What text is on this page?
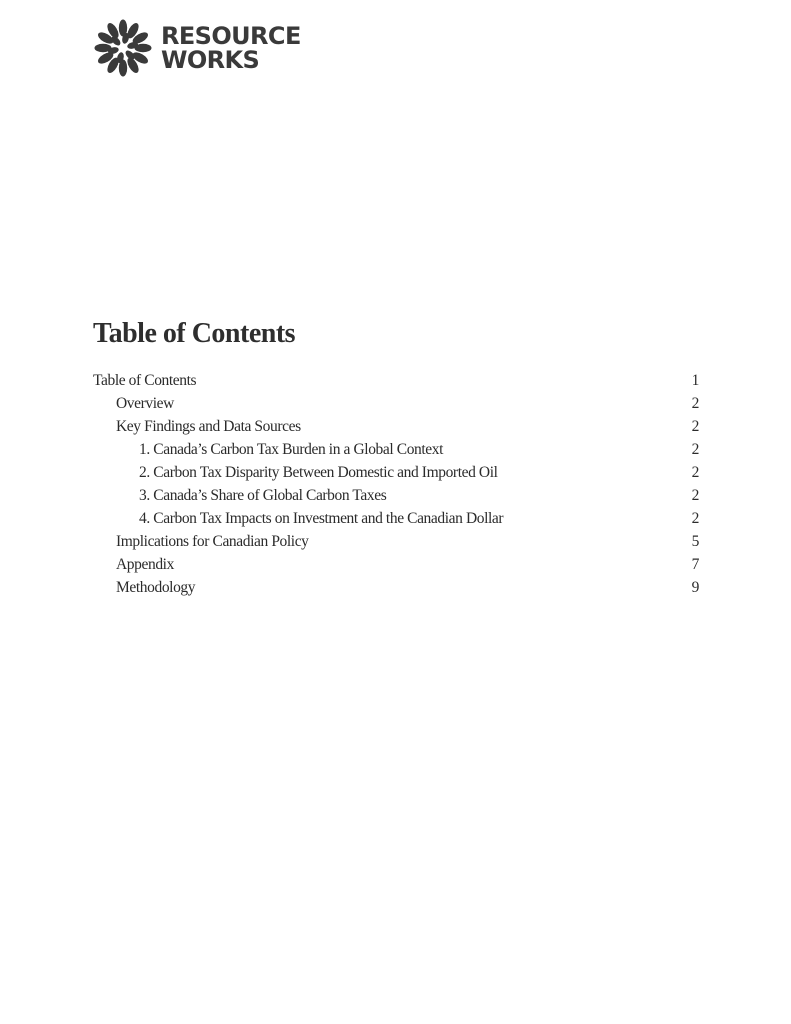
RESOURCE
WORKS
Table of Contents
Table of Contents	1
Overview	2
Key Findings and Data Sources	2
1. Canada’s Carbon Tax Burden in a Global Context	2
2. Carbon Tax Disparity Between Domestic and Imported Oil	2
3. Canada’s Share of Global Carbon Taxes	2
4. Carbon Tax Impacts on Investment and the Canadian Dollar	2
Implications for Canadian Policy	5
Appendix	7
Methodology	9
